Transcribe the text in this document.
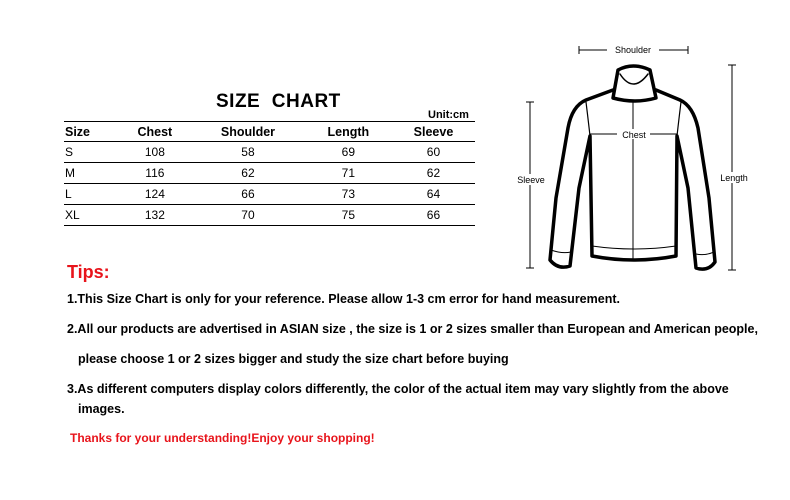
SIZE  CHART
Unit:cm
Size	Chest	Shoulder	Length	Sleeve
S	108	58	69	60
M	116	62	71	62
L	124	66	73	64
XL	132	70	75	66
Shoulder
Chest
Sleeve	Length
Tips:
1.This Size Chart is only for your reference. Please allow 1-3 cm error for hand measurement.
2.All our products are advertised in ASIAN size , the size is 1 or 2 sizes smaller than European and American people,
please choose 1 or 2 sizes bigger and study the size chart before buying
3.As different computers display colors differently, the color of the actual item may vary slightly from the above
images.
Thanks for your understanding!Enjoy your shopping!
